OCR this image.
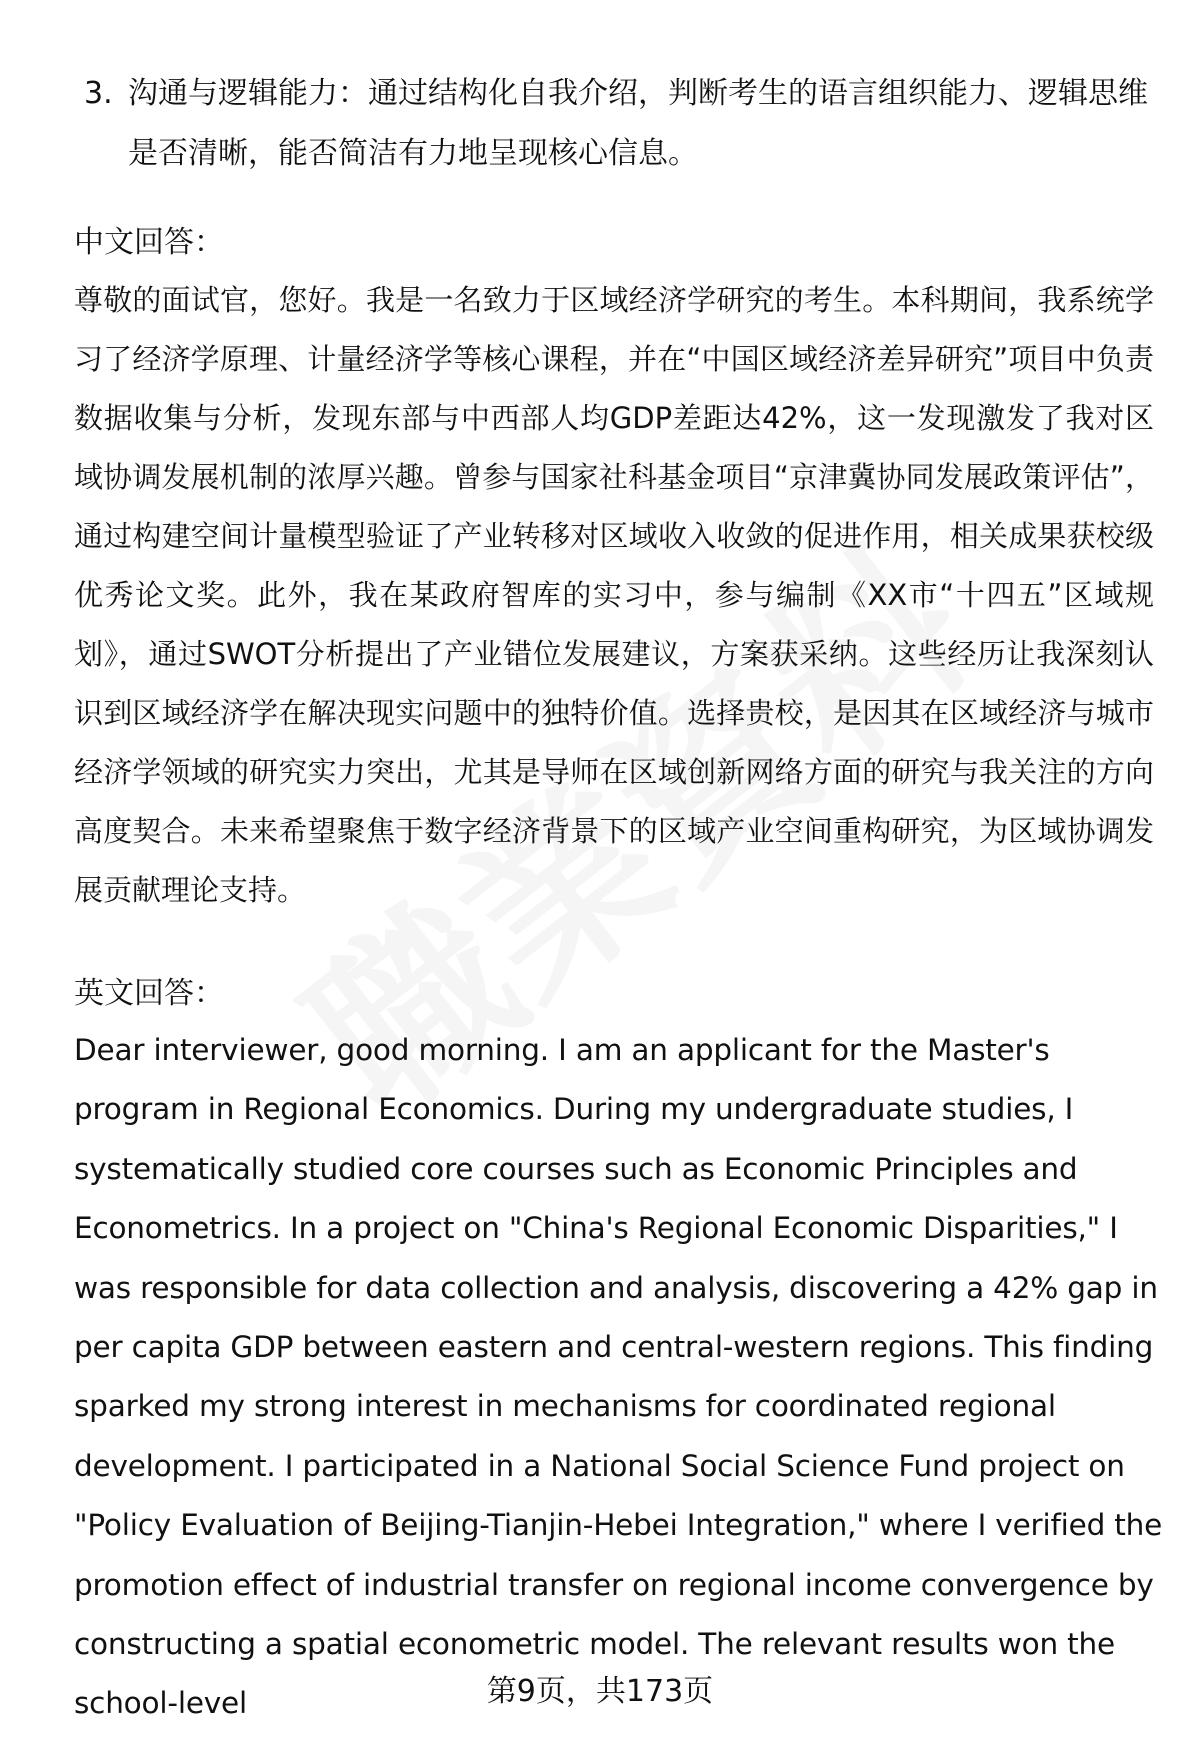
3. 沟通与逻辑能力：通过结构化自我介绍，判断考生的语言组织能力、逻辑思维是否清晰，能否简洁有力地呈现核心信息。
中文回答：
尊敬的面试官，您好。我是一名致力于区域经济学研究的考生。本科期间，我系统学习了经济学原理、计量经济学等核心课程，并在“中国区域经济差异研究”项目中负责数据收集与分析，发现东部与中西部人均GDP差距达42%，这一发现激发了我对区域协调发展机制的浓厚兴趣。曾参与国家社科基金项目“京津冀协同发展政策评估”，通过构建空间计量模型验证了产业转移对区域收入收敛的促进作用，相关成果获校级优秀论文奖。此外，我在某政府智库的实习中，参与编制《XX市“十四五”区域规划》，通过SWOT分析提出了产业错位发展建议，方案获采纳。这些经历让我深刻认识到区域经济学在解决现实问题中的独特价值。选择贵校，是因其在区域经济与城市经济学领域的研究实力突出，尤其是导师在区域创新网络方面的研究与我关注的方向高度契合。未来希望聚焦于数字经济背景下的区域产业空间重构研究，为区域协调发展贡献理论支持。
英文回答：
Dear interviewer, good morning. I am an applicant for the Master's program in Regional Economics. During my undergraduate studies, I systematically studied core courses such as Economic Principles and Econometrics. In a project on "China's Regional Economic Disparities," I was responsible for data collection and analysis, discovering a 42% gap in per capita GDP between eastern and central-western regions. This finding sparked my strong interest in mechanisms for coordinated regional development. I participated in a National Social Science Fund project on "Policy Evaluation of Beijing-Tianjin-Hebei Integration," where I verified the promotion effect of industrial transfer on regional income convergence by constructing a spatial econometric model. The relevant results won the school-level	第9页，共173页
